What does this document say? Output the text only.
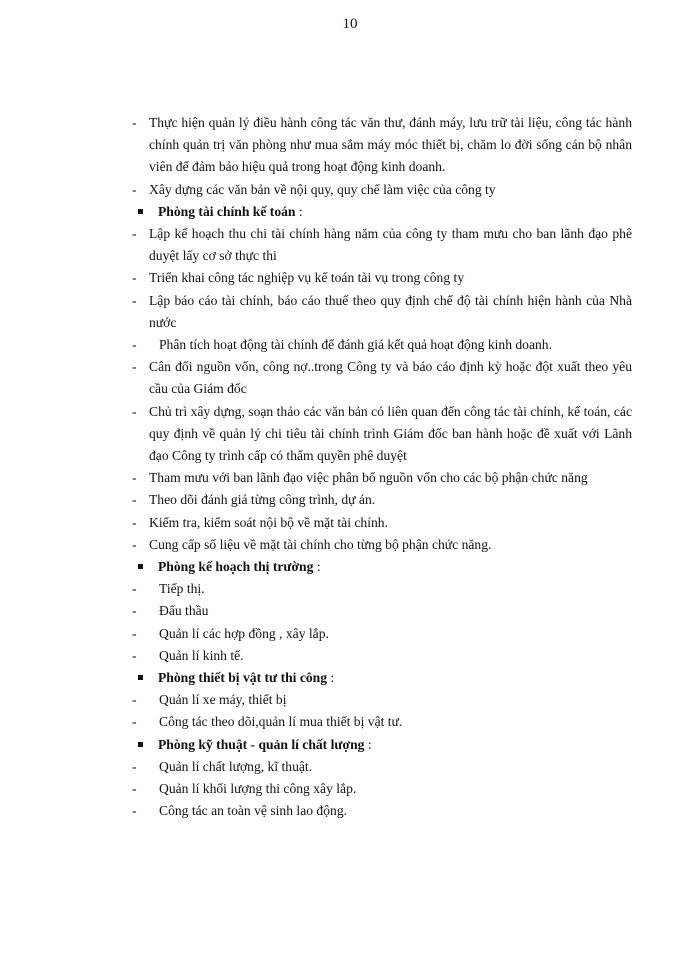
10
- Thực hiện quản lý điều hành công tác văn thư, đánh máy, lưu trữ tài liệu, công tác hành chính quản trị văn phòng như mua sắm máy móc thiết bị, chăm lo đời sống cán bộ nhân viên để đảm bảo hiệu quả trong hoạt động kinh doanh.
- Xây dựng các văn bản về nội quy, quy chế làm việc của công ty
Phòng tài chính kế toán :
- Lập kế hoạch thu chi tài chính hàng năm của công ty tham mưu cho ban lãnh đạo phê duyệt lấy cơ sở thực thi
- Triển khai công tác nghiệp vụ kế toán tài vụ trong công ty
- Lập báo cáo tài chính, báo cáo thuế theo quy định chế độ tài chính hiện hành của Nhà nước
- Phân tích hoạt động tài chính để đánh giá kết quả hoạt động kinh doanh.
- Cân đối nguồn vốn, công nợ..trong Công ty và báo cáo định kỳ hoặc đột xuất theo yêu cầu của Giám đốc
- Chủ trì xây dựng, soạn thảo các văn bản có liên quan đến công tác tài chính, kế toán, các quy định về quản lý chi tiêu tài chính trình Giám đốc ban hành hoặc đề xuất với Lãnh đạo Công ty trình cấp có thẩm quyền phê duyệt
- Tham mưu với ban lãnh đạo việc phân bổ nguồn vốn cho các bộ phận chức năng
- Theo dõi đánh giá từng công trình, dự án.
- Kiểm tra, kiểm soát nội bộ về mặt tài chính.
- Cung cấp số liệu về mặt tài chính cho từng bộ phận chức năng.
Phòng kế hoạch thị trường :
- Tiếp thị.
- Đấu thầu
- Quản lí các hợp đồng , xây lắp.
- Quản lí kinh tế.
Phòng thiết bị vật tư thi công :
- Quản lí xe máy, thiết bị
- Công tác theo dõi,quản lí mua thiết bị vật tư.
Phòng kỹ thuật - quản lí chất lượng :
- Quản lí chất lượng, kĩ thuật.
- Quản lí khối lượng thi công xây lắp.
- Công tác an toàn vệ sinh lao động.
